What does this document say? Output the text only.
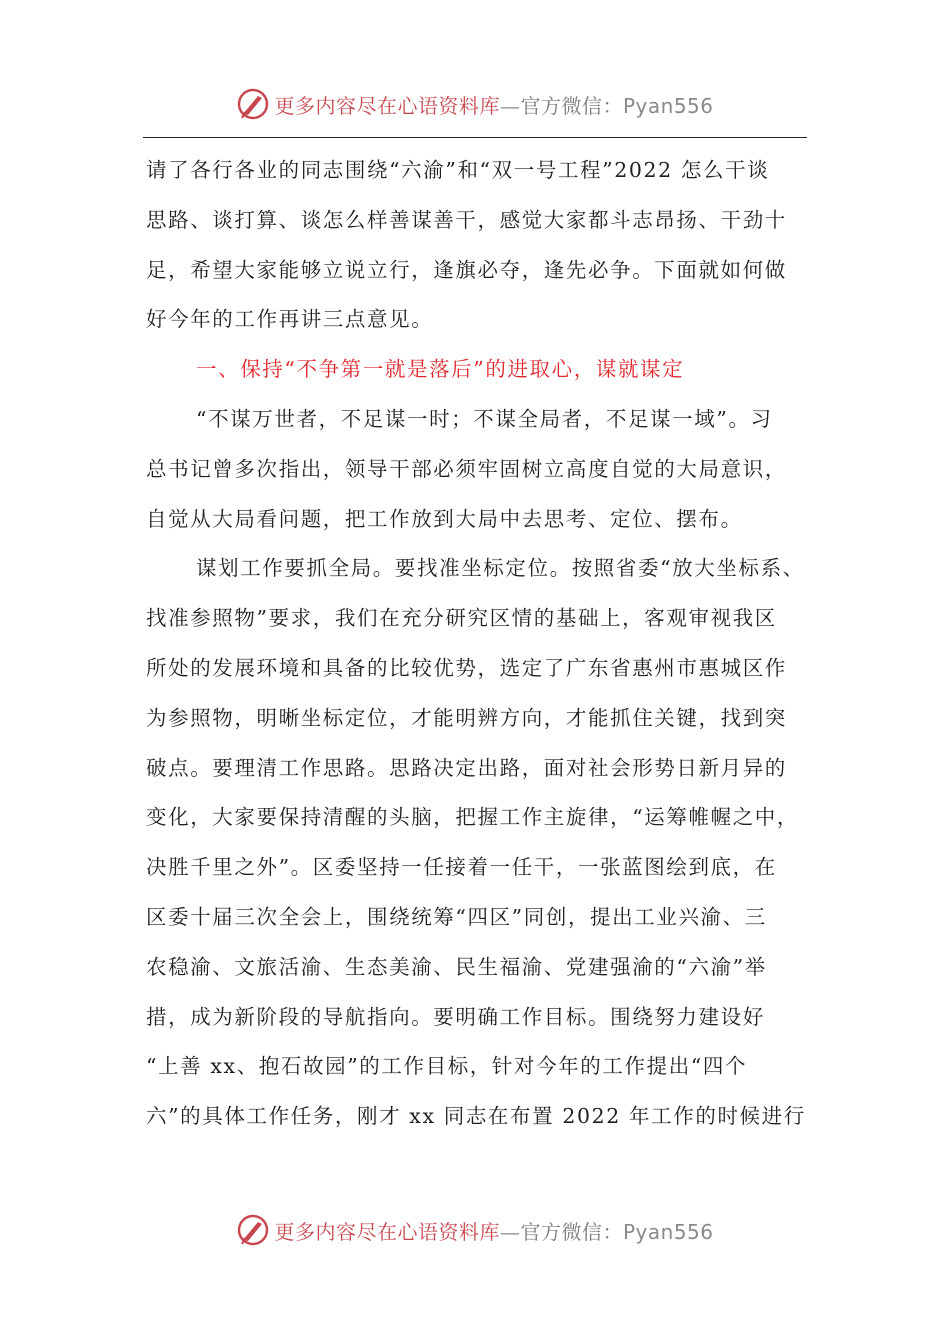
更多内容尽在心语资料库—官方微信：Pyan556
请了各行各业的同志围绕“六渝”和“双一号工程”2022 怎么干谈
思路、谈打算、谈怎么样善谋善干，感觉大家都斗志昂扬、干劲十
足，希望大家能够立说立行，逢旗必夺，逢先必争。下面就如何做
好今年的工作再讲三点意见。
一、保持“不争第一就是落后”的进取心，谋就谋定
“不谋万世者，不足谋一时；不谋全局者，不足谋一域”。习
总书记曾多次指出，领导干部必须牢固树立高度自觉的大局意识，
自觉从大局看问题，把工作放到大局中去思考、定位、摆布。
谋划工作要抓全局。要找准坐标定位。按照省委“放大坐标系、
找准参照物”要求，我们在充分研究区情的基础上，客观审视我区
所处的发展环境和具备的比较优势，选定了广东省惠州市惠城区作
为参照物，明晰坐标定位，才能明辨方向，才能抓住关键，找到突
破点。要理清工作思路。思路决定出路，面对社会形势日新月异的
变化，大家要保持清醒的头脑，把握工作主旋律，“运筹帷幄之中，
决胜千里之外”。区委坚持一任接着一任干，一张蓝图绘到底，在
区委十届三次全会上，围绕统筹“四区”同创，提出工业兴渝、三
农稳渝、文旅活渝、生态美渝、民生福渝、党建强渝的“六渝”举
措，成为新阶段的导航指向。要明确工作目标。围绕努力建设好
“上善 xx、抱石故园”的工作目标，针对今年的工作提出“四个
六”的具体工作任务，刚才 xx 同志在布置 2022 年工作的时候进行
更多内容尽在心语资料库—官方微信：Pyan556
